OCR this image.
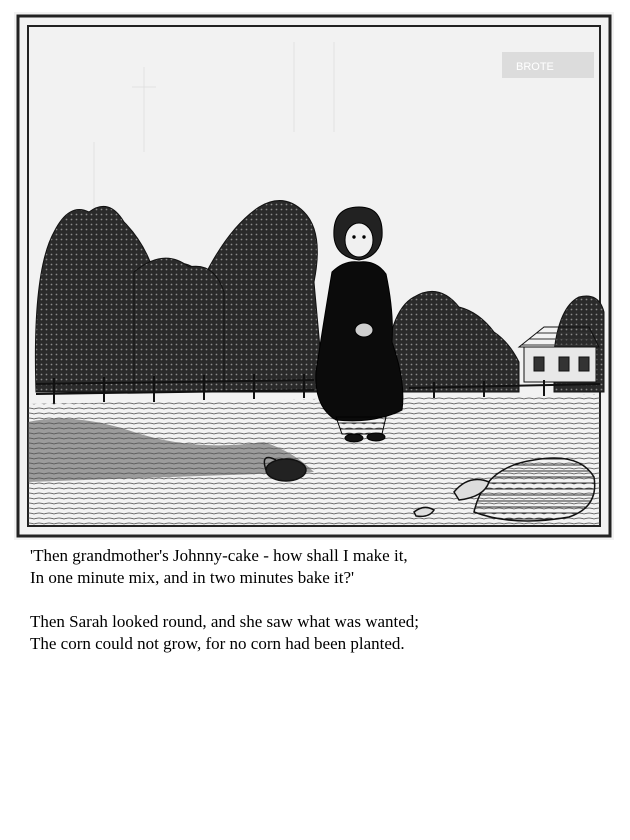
BROTE
'Then grandmother's Johnny-cake - how shall I make it,
In one minute mix, and in two minutes bake it?'
Then Sarah looked round, and she saw what was wanted;
The corn could not grow, for no corn had been planted.
